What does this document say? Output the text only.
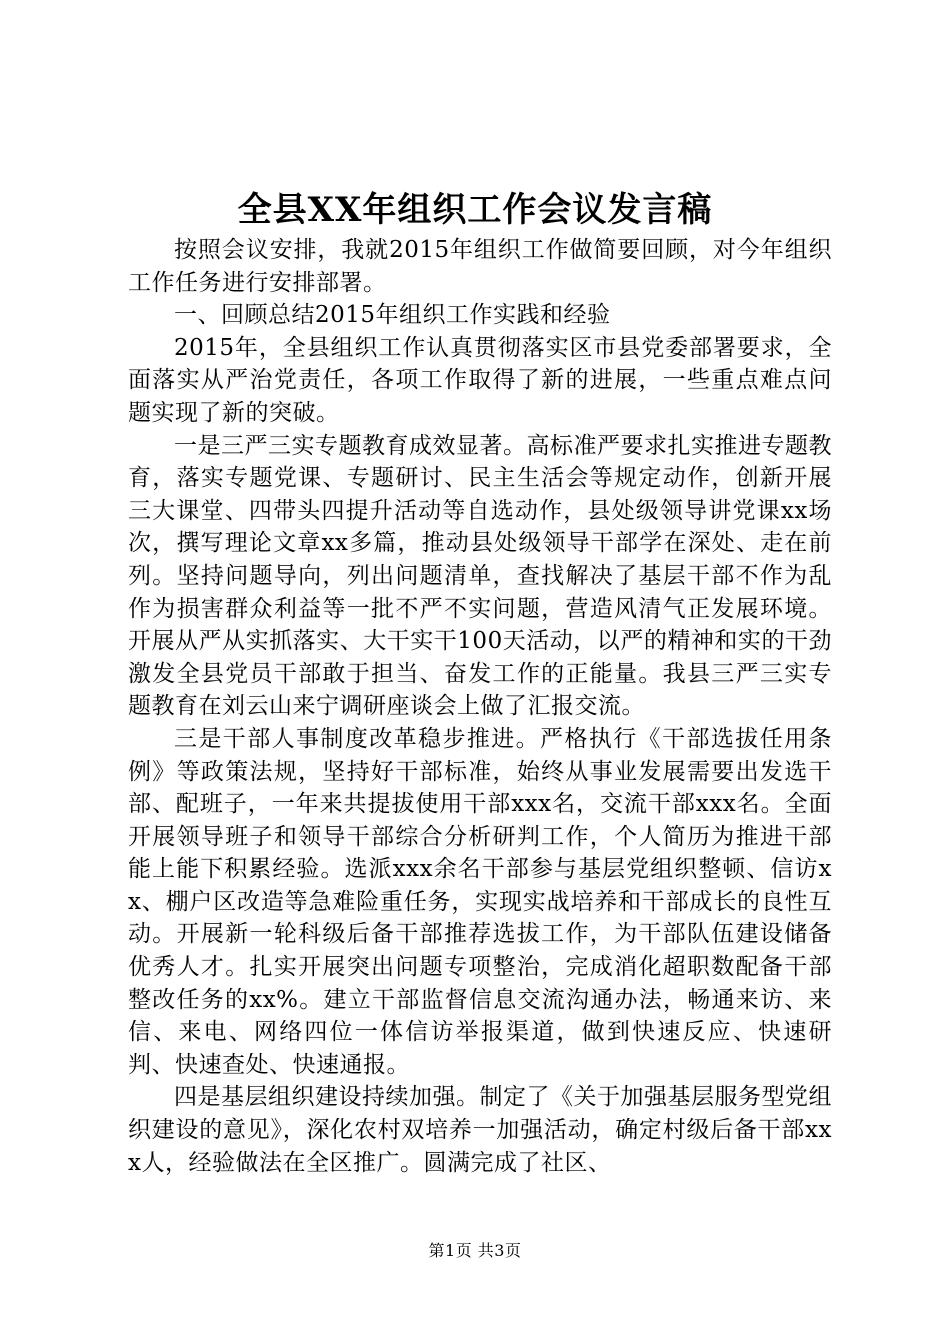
全县XX年组织工作会议发言稿

按照会议安排，我就2015年组织工作做简要回顾，对今年组织工作任务进行安排部署。

一、回顾总结2015年组织工作实践和经验

2015年，全县组织工作认真贯彻落实区市县党委部署要求，全面落实从严治党责任，各项工作取得了新的进展，一些重点难点问题实现了新的突破。

一是三严三实专题教育成效显著。高标准严要求扎实推进专题教育，落实专题党课、专题研讨、民主生活会等规定动作，创新开展三大课堂、四带头四提升活动等自选动作，县处级领导讲党课xx场次，撰写理论文章xx多篇，推动县处级领导干部学在深处、走在前列。坚持问题导向，列出问题清单，查找解决了基层干部不作为乱作为损害群众利益等一批不严不实问题，营造风清气正发展环境。开展从严从实抓落实、大干实干100天活动，以严的精神和实的干劲激发全县党员干部敢于担当、奋发工作的正能量。我县三严三实专题教育在刘云山来宁调研座谈会上做了汇报交流。

三是干部人事制度改革稳步推进。严格执行《干部选拔任用条例》等政策法规，坚持好干部标准，始终从事业发展需要出发选干部、配班子，一年来共提拔使用干部xxx名，交流干部xxx名。全面开展领导班子和领导干部综合分析研判工作，个人简历为推进干部能上能下积累经验。选派xxx余名干部参与基层党组织整顿、信访xx、棚户区改造等急难险重任务，实现实战培养和干部成长的良性互动。开展新一轮科级后备干部推荐选拔工作，为干部队伍建设储备优秀人才。扎实开展突出问题专项整治，完成消化超职数配备干部整改任务的xx%。建立干部监督信息交流沟通办法，畅通来访、来信、来电、网络四位一体信访举报渠道，做到快速反应、快速研判、快速查处、快速通报。

四是基层组织建设持续加强。制定了《关于加强基层服务型党组织建设的意见》，深化农村双培养一加强活动，确定村级后备干部xxx人，经验做法在全区推广。圆满完成了社区、

第1页 共3页
